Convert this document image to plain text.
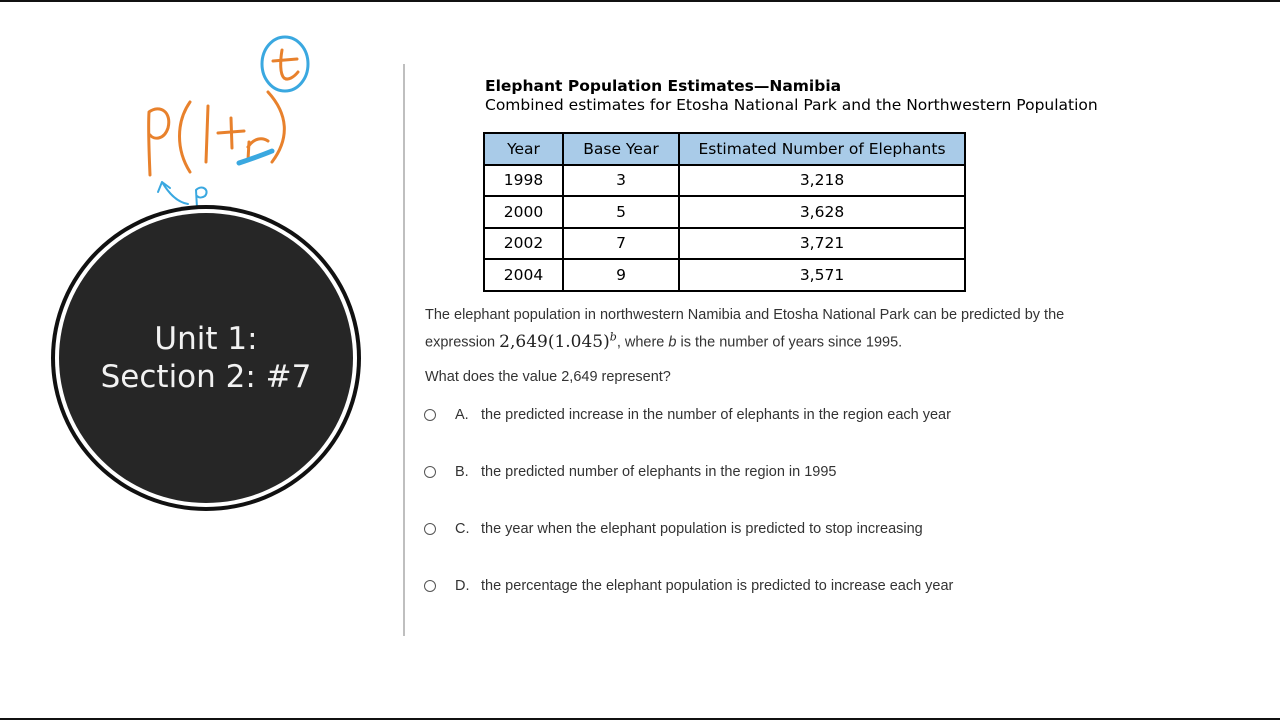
Unit 1:
Section 2: #7
Elephant Population Estimates—Namibia
Combined estimates for Etosha National Park and the Northwestern Population
Year	Base Year	Estimated Number of Elephants
1998	3	3,218
2000	5	3,628
2002	7	3,721
2004	9	3,571
The elephant population in northwestern Namibia and Etosha National Park can be predicted by the
expression $2,649(1.045)^b$, where b is the number of years since 1995.
What does the value 2,649 represent?
A. the predicted increase in the number of elephants in the region each year
B. the predicted number of elephants in the region in 1995
C. the year when the elephant population is predicted to stop increasing
D. the percentage the elephant population is predicted to increase each year
